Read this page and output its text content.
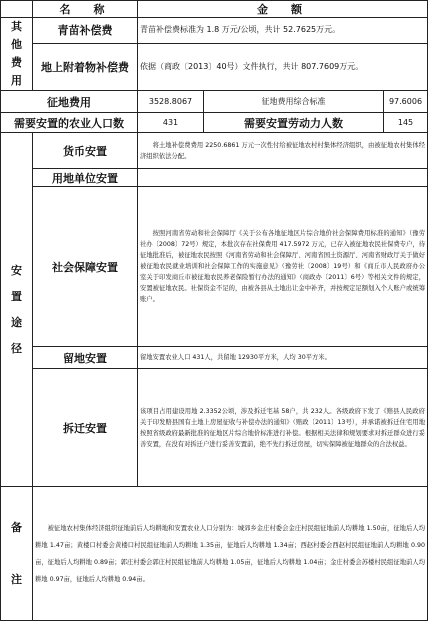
	名　称	金　额		
其
他
费
用	青苗补偿费	青苗补偿费标准为 1.8 万元/公顷，共计 52.7625万元。		
	地上附着物补偿费	依据（商政〔2013〕40号）文件执行，共计 807.7609万元。		
征地费用		3528.8067	征地费用综合标准	97.6006
需要安置的农业人口数		431	需要安置劳动力人数	145
安
置
途
径	货币安置	将土地补偿费费用 2250.6861 万元一次性付给被征地农村村集体经济组织，由被征地农村集体经济组织依法分配。		
	用地单位安置			
	社会保障安置	按照河南省劳动和社会保障厅《关于公布各地征地区片综合地价社会保障费用标准的通知》（豫劳社办〔2008〕72号）规定，本批次存在社保费用 417.5972 万元，已存入被征地农民社保费专户，待征地批准后，被征地农民按照《河南省劳动和社会保障厅、河南省国土资源厅、河南省财政厅关于做好被征地农民就业培训和社会保障工作的实施意见》（豫劳社〔2008〕19号）和《商丘市人民政府办公室关于印发商丘市被征地农民养老保险暂行办法的通知》（商政办〔2011〕6号）等相关文件的规定，安置被征地农民。社保资金不足的，由被各县从土地出让金中补齐，并按规定足额划入个人账户或统筹账户。		
	留地安置	留地安置农业人口 431人，共留地 12930平方米，人均 30平方米。		
	拆迁安置	该项目占用建设用地 2.3352公顷，涉及拆迁宅基 58户，共 232人。各级政府下发了《赔县人民政府关于印发赔县国有土地上房屋征收与补偿办法的通知》（赔政〔2011〕13号），并承诺被拆迁住宅用地按照省级政府最新批准的征地区片综合地价标准进行补偿。根据相关法律和规划要求对拆迁群众进行妥善安置，在没有对拆迁户进行妥善安置前，绝不先行拆迁房屋，切实保障被征地群众的合法权益。		
备

注	被征地农村集体经济组织征地前后人均耕地和安置农业人口分别为：城郊乡金庄村委会金庄村民组征地前人均耕地 1.50亩，征地后人均耕地 1.47亩；黄楼口村委会黄楼口村民组征地前人均耕地 1.35亩，征地后人均耕地 1.34亩；西赵村委会西赵村民组征地前人均耕地 0.90亩，征地后人均耕地 0.89亩；郭庄村委会郭庄村民组征地前人均耕地 1.05亩，征地后人均耕地 1.04亩；金庄村委会苏楼村民组征地前人均耕地 0.97亩，征地后人均耕地 0.94亩。			
